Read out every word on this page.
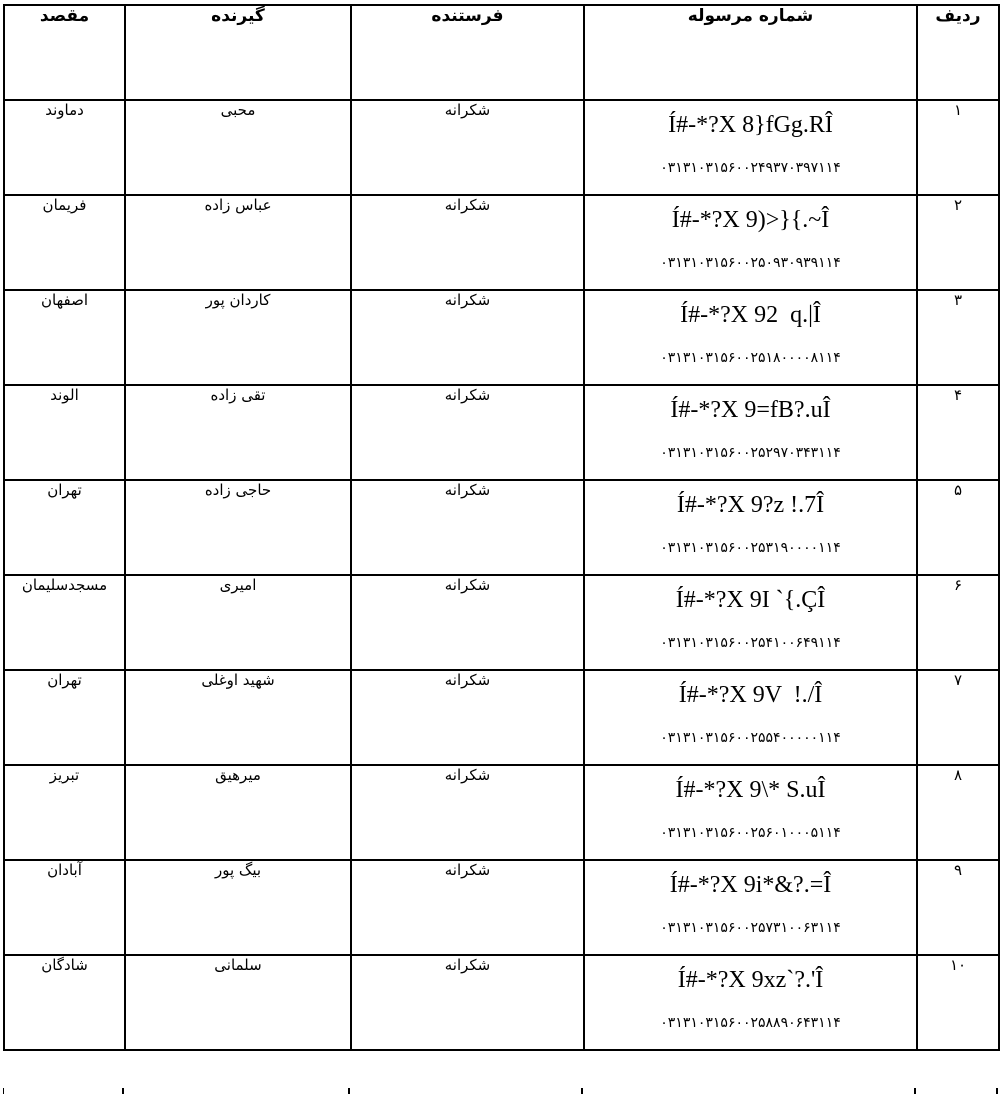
مقصد	گیرنده	فرستنده	شماره مرسوله	ردیف
دماوند	محبی	شکرانه	Í#-*?X 8}fGg.RÎ
۰۳۱۳۱۰۳۱۵۶۰۰۲۴۹۳۷۰۳۹۷۱۱۴	۱
فریمان	عباس زاده	شکرانه	Í#-*?X 9)>}{.~Î
۰۳۱۳۱۰۳۱۵۶۰۰۲۵۰۹۳۰۹۳۹۱۱۴	۲
اصفهان	کاردان پور	شکرانه	Í#-*?X 92  q.|Î
۰۳۱۳۱۰۳۱۵۶۰۰۲۵۱۸۰۰۰۰۸۱۱۴	۳
الوند	تقی زاده	شکرانه	Í#-*?X 9=fB?.uÎ
۰۳۱۳۱۰۳۱۵۶۰۰۲۵۲۹۷۰۳۴۳۱۱۴	۴
تهران	حاجی زاده	شکرانه	Í#-*?X 9?z !.7Î
۰۳۱۳۱۰۳۱۵۶۰۰۲۵۳۱۹۰۰۰۰۱۱۴	۵
مسجدسلیمان	امیری	شکرانه	Í#-*?X 9I `{.ÇÎ
۰۳۱۳۱۰۳۱۵۶۰۰۲۵۴۱۰۰۶۴۹۱۱۴	۶
تهران	شهید اوغلی	شکرانه	Í#-*?X 9V  !./Î
۰۳۱۳۱۰۳۱۵۶۰۰۲۵۵۴۰۰۰۰۰۱۱۴	۷
تبریز	میرهیق	شکرانه	Í#-*?X 9\* S.uÎ
۰۳۱۳۱۰۳۱۵۶۰۰۲۵۶۰۱۰۰۰۵۱۱۴	۸
آبادان	بیگ پور	شکرانه	Í#-*?X 9i*&?.=Î
۰۳۱۳۱۰۳۱۵۶۰۰۲۵۷۳۱۰۰۶۳۱۱۴	۹
شادگان	سلمانی	شکرانه	Í#-*?X 9xz`?.'Î
۰۳۱۳۱۰۳۱۵۶۰۰۲۵۸۸۹۰۶۴۳۱۱۴	۱۰
